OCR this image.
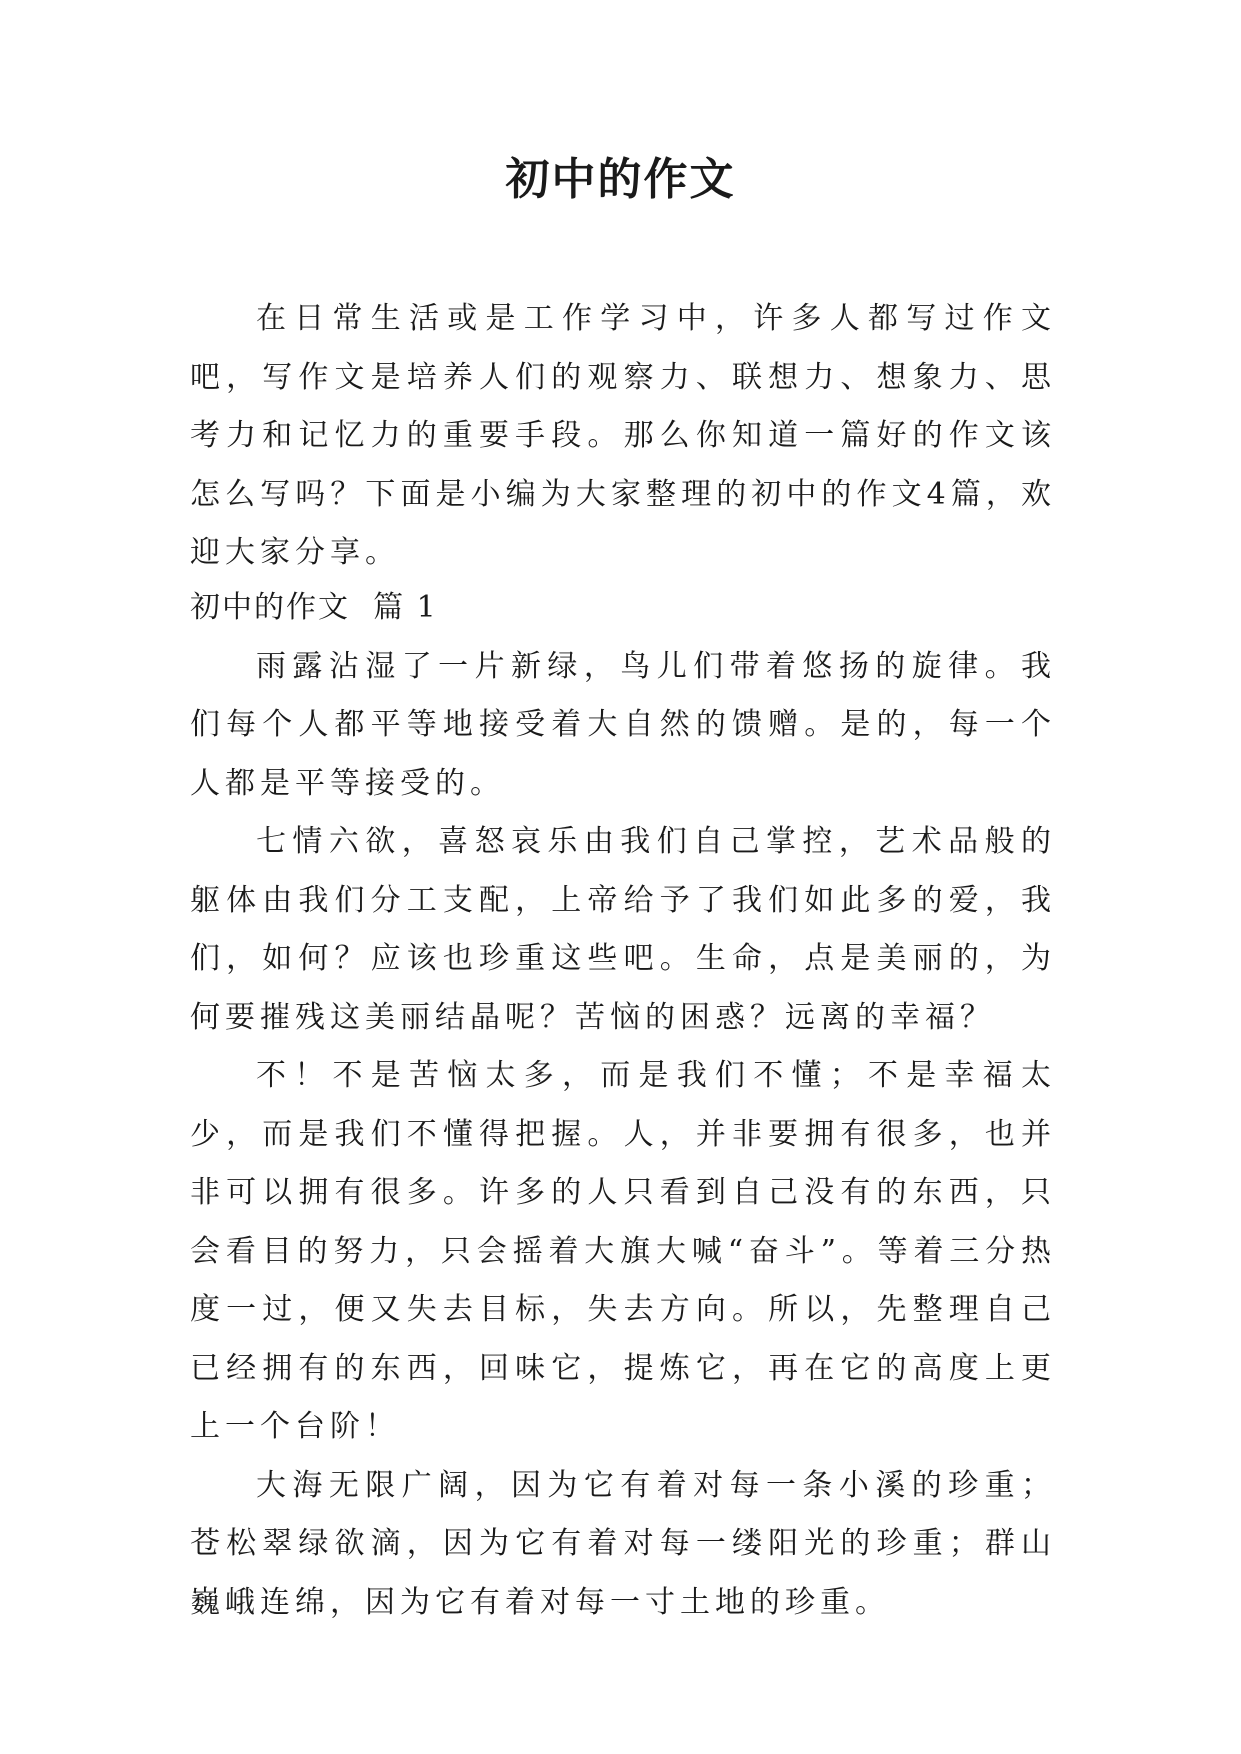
初中的作文

在日常生活或是工作学习中，许多人都写过作文吧，写作文是培养人们的观察力、联想力、想象力、思考力和记忆力的重要手段。那么你知道一篇好的作文该怎么写吗？下面是小编为大家整理的初中的作文4篇，欢迎大家分享。

初中的作文  篇 1

雨露沾湿了一片新绿，鸟儿们带着悠扬的旋律。我们每个人都平等地接受着大自然的馈赠。是的，每一个人都是平等接受的。

七情六欲，喜怒哀乐由我们自己掌控，艺术品般的躯体由我们分工支配，上帝给予了我们如此多的爱，我们，如何？应该也珍重这些吧。生命，点是美丽的，为何要摧残这美丽结晶呢？苦恼的困惑？远离的幸福？

不！不是苦恼太多，而是我们不懂；不是幸福太少，而是我们不懂得把握。人，并非要拥有很多，也并非可以拥有很多。许多的人只看到自己没有的东西，只会看目的努力，只会摇着大旗大喊“奋斗”。等着三分热度一过，便又失去目标，失去方向。所以，先整理自己已经拥有的东西，回味它，提炼它，再在它的高度上更上一个台阶！

大海无限广阔，因为它有着对每一条小溪的珍重；苍松翠绿欲滴，因为它有着对每一缕阳光的珍重；群山巍峨连绵，因为它有着对每一寸土地的珍重。
